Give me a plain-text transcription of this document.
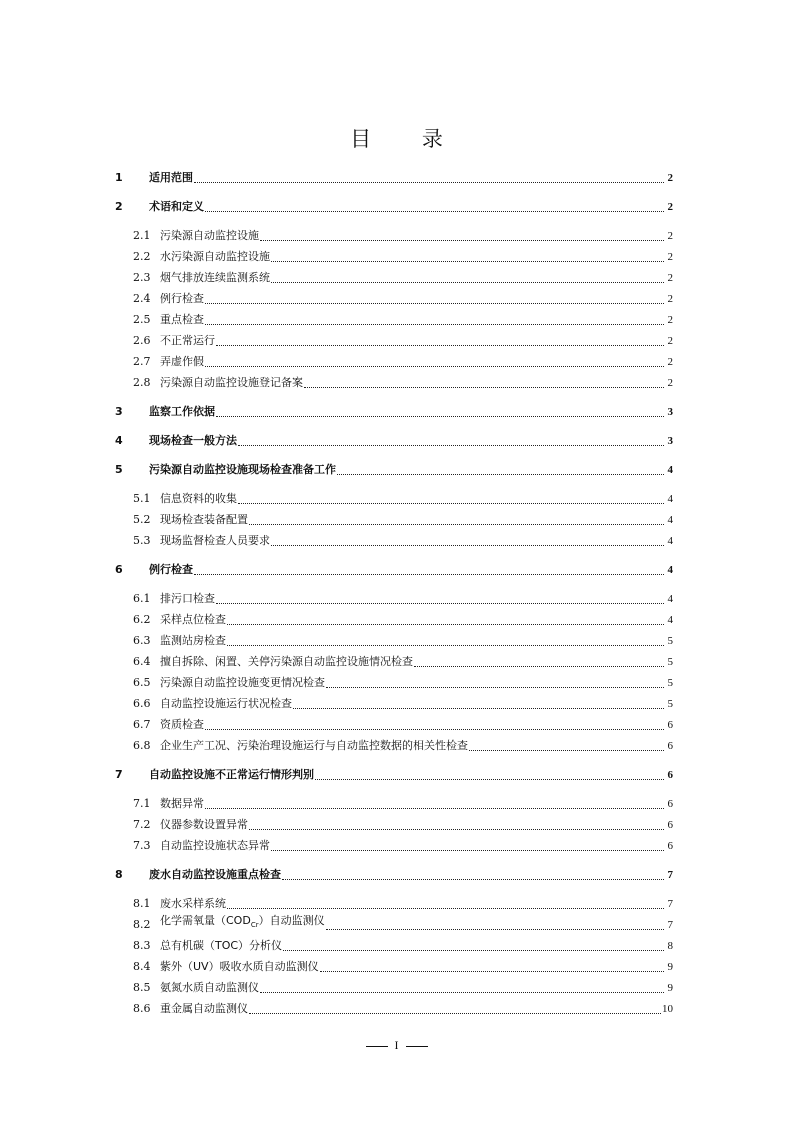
目 录
1	适用范围	2
2	术语和定义	2
2.1 污染源自动监控设施	2
2.2 水污染源自动监控设施	2
2.3 烟气排放连续监测系统	2
2.4 例行检查	2
2.5 重点检查	2
2.6 不正常运行	2
2.7 弄虚作假	2
2.8 污染源自动监控设施登记备案	2
3	监察工作依据	3
4	现场检查一般方法	3
5	污染源自动监控设施现场检查准备工作	4
5.1 信息资料的收集	4
5.2 现场检查装备配置	4
5.3 现场监督检查人员要求	4
6	例行检查	4
6.1 排污口检查	4
6.2 采样点位检查	4
6.3 监测站房检查	5
6.4 擅自拆除、闲置、关停污染源自动监控设施情况检查	5
6.5 污染源自动监控设施变更情况检查	5
6.6 自动监控设施运行状况检查	5
6.7 资质检查	6
6.8 企业生产工况、污染治理设施运行与自动监控数据的相关性检查	6
7	自动监控设施不正常运行情形判别	6
7.1 数据异常	6
7.2 仪器参数设置异常	6
7.3 自动监控设施状态异常	6
8	废水自动监控设施重点检查	7
8.1 废水采样系统	7
8.2 化学需氧量$(COD_{Cr})$自动监测仪	7
8.3 总有机碳（TOC）分析仪	8
8.4 紫外（UV）吸收水质自动监测仪	9
8.5 氨氮水质自动监测仪	9
8.6 重金属自动监测仪	10
I
